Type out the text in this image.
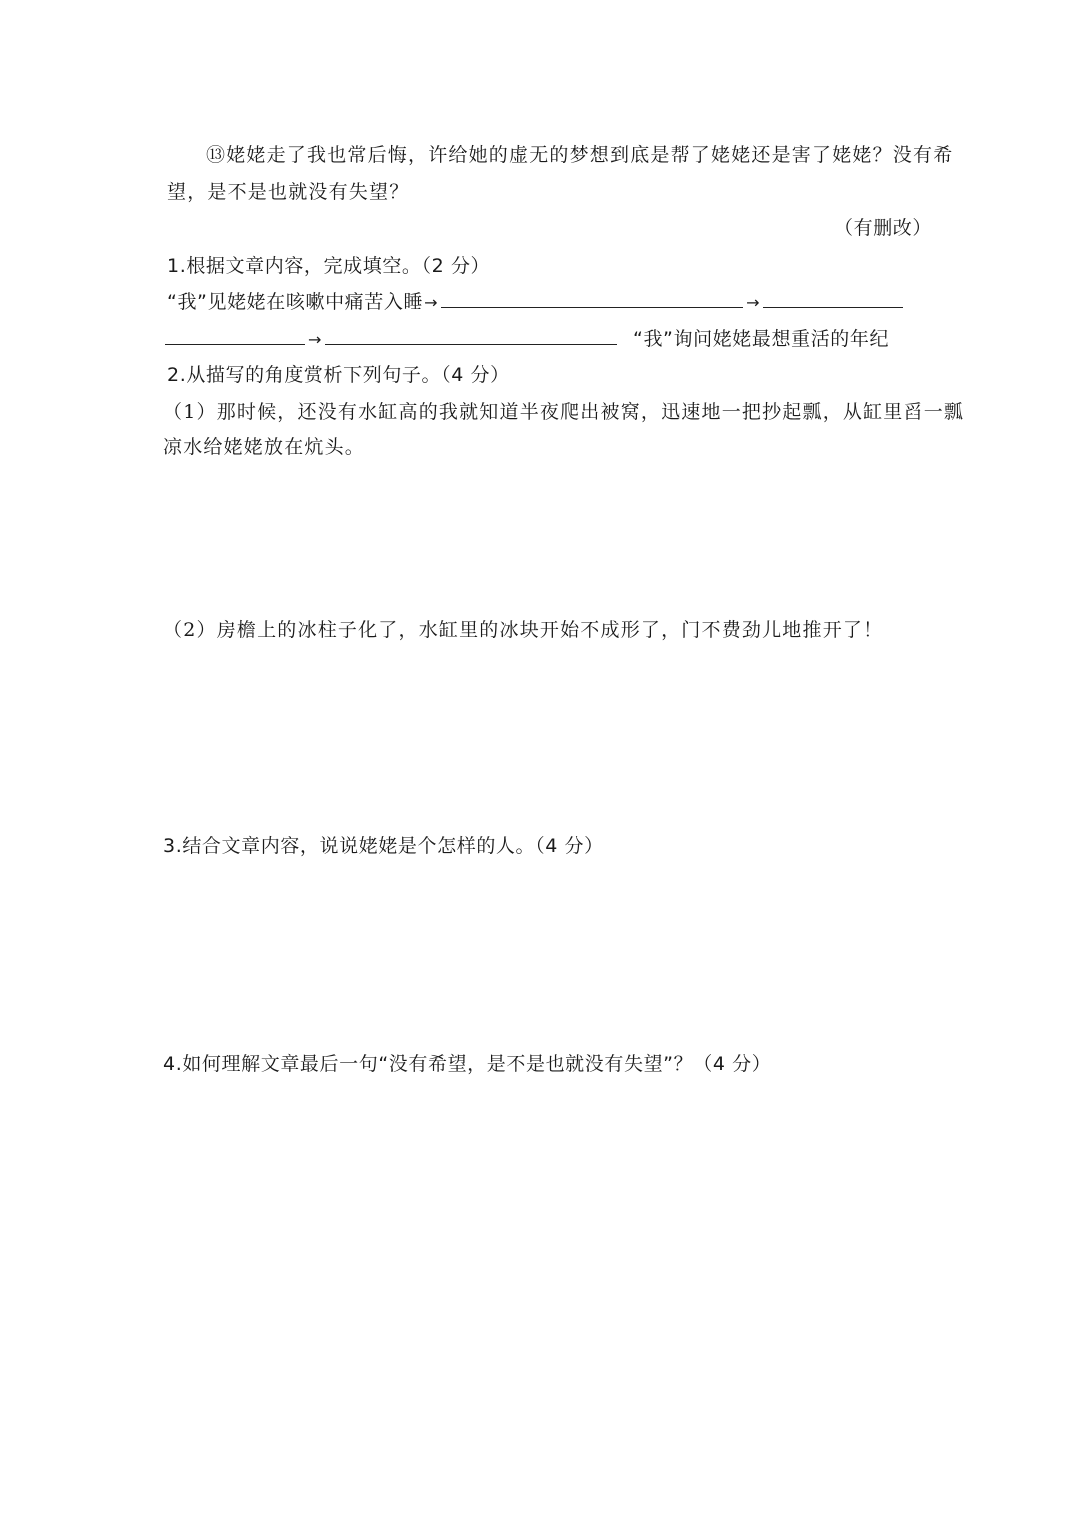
⑬姥姥走了我也常后悔，许给她的虚无的梦想到底是帮了姥姥还是害了姥姥？没有希
望，是不是也就没有失望？
（有删改）
1.根据文章内容，完成填空。（2 分）
“我”见姥姥在咳嗽中痛苦入睡→	→
→	“我”询问姥姥最想重活的年纪
2.从描写的角度赏析下列句子。（4 分）
（1）那时候，还没有水缸高的我就知道半夜爬出被窝，迅速地一把抄起瓢，从缸里舀一瓢
凉水给姥姥放在炕头。
（2）房檐上的冰柱子化了，水缸里的冰块开始不成形了，门不费劲儿地推开了！
3.结合文章内容，说说姥姥是个怎样的人。（4 分）
4.如何理解文章最后一句“没有希望，是不是也就没有失望”？（4 分）
